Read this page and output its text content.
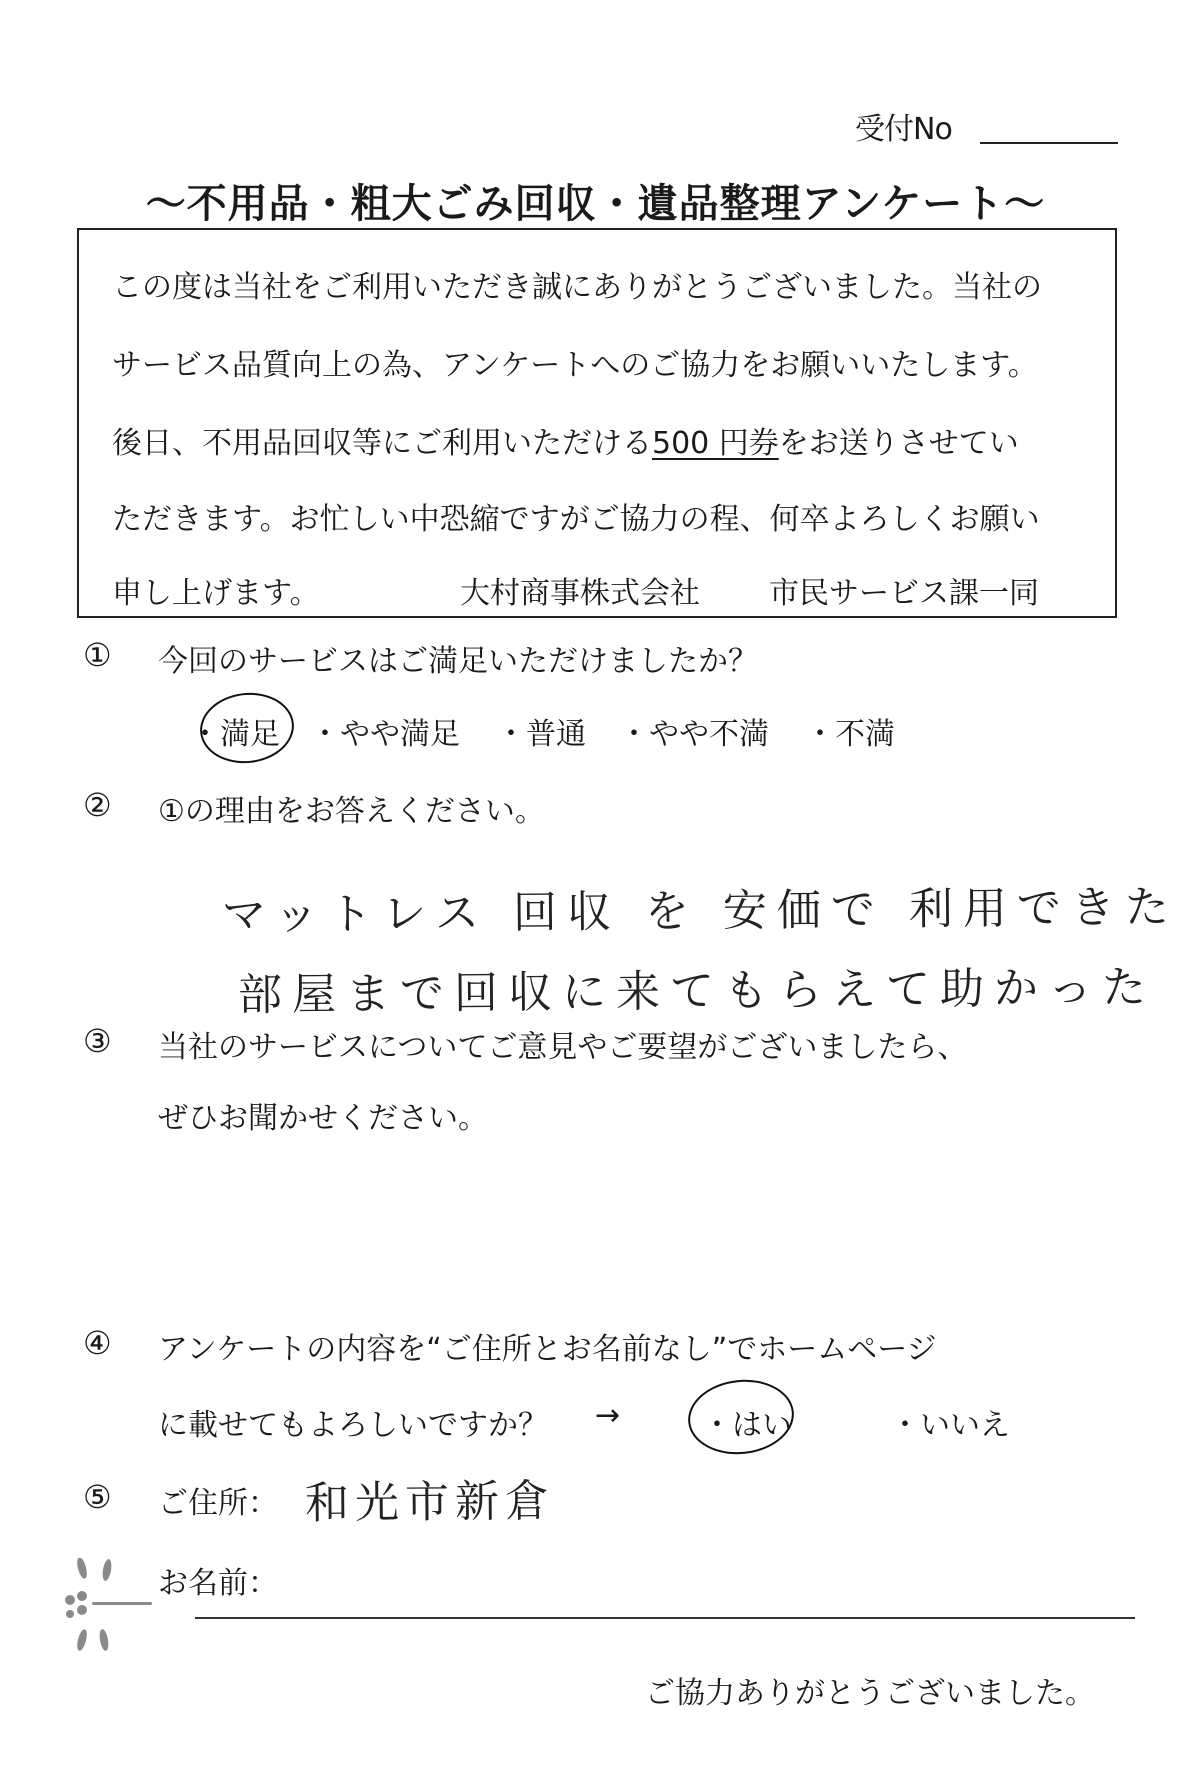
受付No
〜不用品・粗大ごみ回収・遺品整理アンケート〜
この度は当社をご利用いただき誠にありがとうございました。当社の
サービス品質向上の為、アンケートへのご協力をお願いいたします。
後日、不用品回収等にご利用いただける500 円券をお送りさせてい
ただきます。お忙しい中恐縮ですがご協力の程、何卒よろしくお願い
申し上げます。	大村商事株式会社 市民サービス課一同
① 今回のサービスはご満足いただけましたか？
・満足 ・やや満足 ・普通 ・やや不満 ・不満
② ①の理由をお答えください。
マットレス 回収 を 安価で 利用できた
部屋まで回収に来てもらえて助かった
③ 当社のサービスについてご意見やご要望がございましたら、
ぜひお聞かせください。
④ アンケートの内容を“ご住所とお名前なし”でホームページ
に載せてもよろしいですか？ →	・はい	・いいえ
⑤ ご住所： 和光市新倉
お名前：
ご協力ありがとうございました。
